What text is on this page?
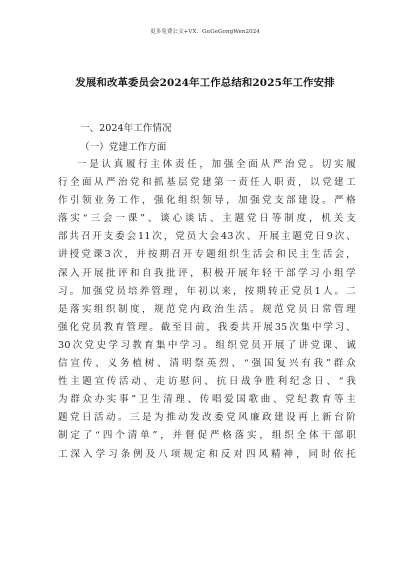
更多免费公文+VX：GuGeGongWen2024
发展和改革委员会2024年工作总结和2025年工作安排
一、2024年工作情况
（一）党建工作方面
一是认真履行主体责任，加强全面从严治党。切实履
行全面从严治党和抓基层党建第一责任人职责，以党建工
作引领业务工作，强化组织领导，加强党支部建设。严格
落实“三会一课”、谈心谈话、主题党日等制度，机关支
部共召开支委会11次，党员大会43次、开展主题党日9次、
讲授党课3次，并按期召开专题组织生活会和民主生活会，
深入开展批评和自我批评，积极开展年轻干部学习小组学
习。加强党员培养管理，年初以来，按期转正党员1人。二
是落实组织制度，规范党内政治生活。规范党员日常管理
强化党员教育管理。截至目前，我委共开展35次集中学习、
30次党史学习教育集中学习。组织党员开展了讲党课、诚
信宣传、义务植树、清明祭英烈、“强国复兴有我”群众
性主题宣传活动、走访慰问、抗日战争胜利纪念日、“我
为群众办实事”卫生清理、传唱爱国歌曲、党纪教育等主
题党日活动。三是为推动发改委党风廉政建设再上新台阶
制定了“四个清单”，并督促严格落实，组织全体干部职
工深入学习条例及八项规定和反对四风精神，同时依托
